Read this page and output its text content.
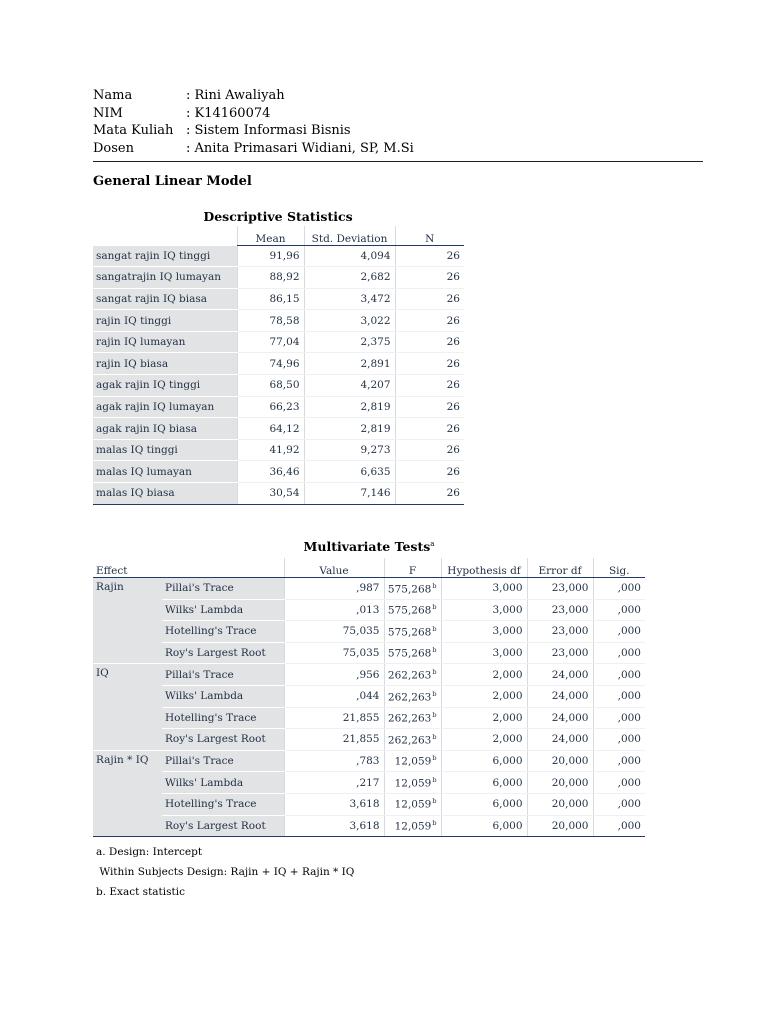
Nama	: Rini Awaliyah
NIM	: K14160074
Mata Kuliah : Sistem Informasi Bisnis
Dosen	: Anita Primasari Widiani, SP, M.Si
General Linear Model
Descriptive Statistics
	Mean	Std. Deviation	N
sangat rajin IQ tinggi	91,96	4,094	26
sangatrajin IQ lumayan	88,92	2,682	26
sangat rajin IQ biasa	86,15	3,472	26
rajin IQ tinggi	78,58	3,022	26
rajin IQ lumayan	77,04	2,375	26
rajin IQ biasa	74,96	2,891	26
agak rajin IQ tinggi	68,50	4,207	26
agak rajin IQ lumayan	66,23	2,819	26
agak rajin IQ biasa	64,12	2,819	26
malas IQ tinggi	41,92	9,273	26
malas IQ lumayan	36,46	6,635	26
malas IQ biasa	30,54	7,146	26
Multivariate Tests$^a$
Effect		Value	F	Hypothesis df	Error df	Sig.
Rajin	Pillai's Trace	,987	575,268$^b$	3,000	23,000	,000
	Wilks' Lambda	,013	575,268$^b$	3,000	23,000	,000
	Hotelling's Trace	75,035	575,268$^b$	3,000	23,000	,000
	Roy's Largest Root	75,035	575,268$^b$	3,000	23,000	,000
IQ	Pillai's Trace	,956	262,263$^b$	2,000	24,000	,000
	Wilks' Lambda	,044	262,263$^b$	2,000	24,000	,000
	Hotelling's Trace	21,855	262,263$^b$	2,000	24,000	,000
	Roy's Largest Root	21,855	262,263$^b$	2,000	24,000	,000
Rajin * IQ	Pillai's Trace	,783	12,059$^b$	6,000	20,000	,000
	Wilks' Lambda	,217	12,059$^b$	6,000	20,000	,000
	Hotelling's Trace	3,618	12,059$^b$	6,000	20,000	,000
	Roy's Largest Root	3,618	12,059$^b$	6,000	20,000	,000
a. Design: Intercept
Within Subjects Design: Rajin + IQ + Rajin * IQ
b. Exact statistic
